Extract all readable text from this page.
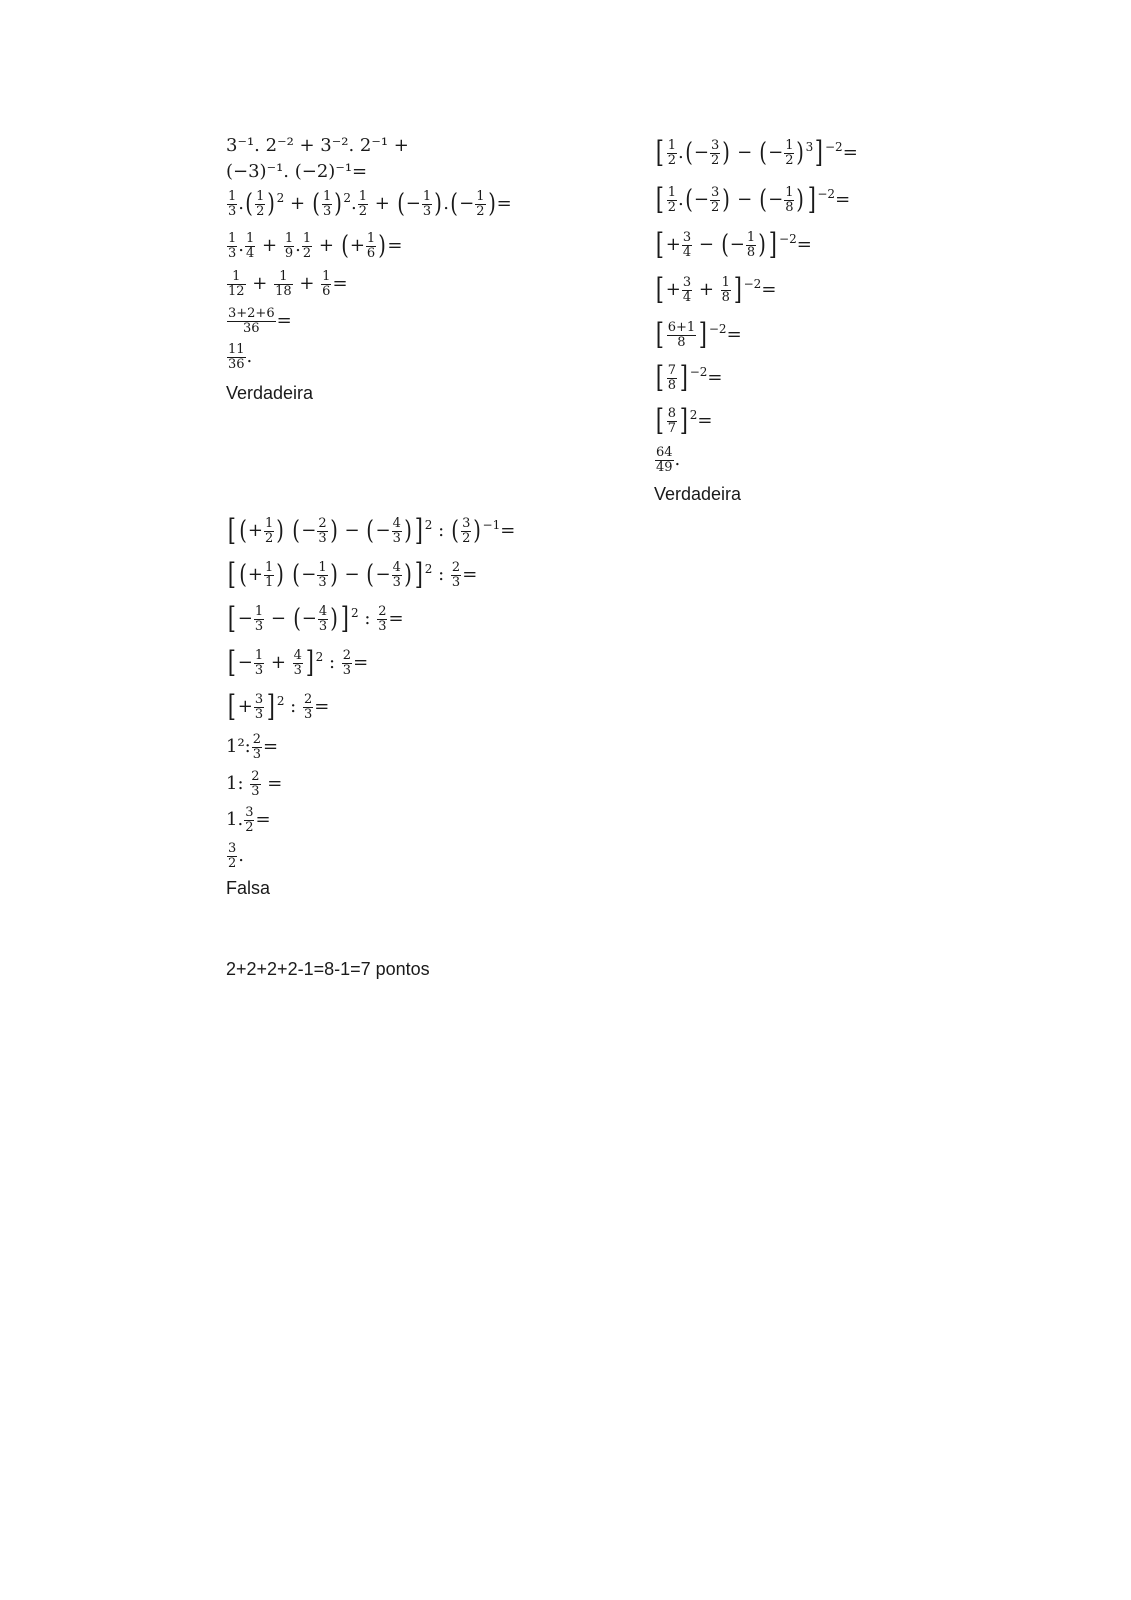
3⁻¹. 2⁻² + 3⁻². 2⁻¹ +
(−3)⁻¹. (−2)⁻¹=
$\frac{1}{3}$ .( $\frac{1}{2} )^2$ + ( $\frac{1}{3} )^2$. $\frac{1}{2}$ + (− $\frac{1}{3}$ ).(− $\frac{1}{2}$ )=
$\frac{1}{3}$ . $\frac{1}{4} + \frac{1}{9}$ . $\frac{1}{2}$ + (+ $\frac{1}{6}$ )=
$\frac{1}{12} + \frac{1}{18} + \frac{1}{6}$ =
$\frac{3+2+6}{36}$ =
$\frac{11}{36}$ .
Verdadeira
[ $\frac{1}{2}$ .(− $\frac{3}{2}$ ) − (− $\frac{1}{2} )^3$] $^{-2}$=
[ $\frac{1}{2}$ .(− $\frac{3}{2}$ ) − (− $\frac{1}{8}$ ) ] $^{-2}$=
[+ $\frac{3}{4}$ − (− $\frac{1}{8}$ ) ] $^{-2}$=
[+ $\frac{3}{4} + \frac{1}{8}$ ] $^{-2}$=
[ $\frac{6+1}{8}$ ] $^{-2}$=
[ $\frac{7}{8}$ ] $^{-2}$=
[ $\frac{8}{7}$ ] $^2$=
$\frac{64}{49}$ .
Verdadeira
[ (+ $\frac{1}{2}$ ) (− $\frac{2}{3}$ ) − (− $\frac{4}{3}$ ) ] $^2$ : ( $\frac{3}{2} )^{-1}=$
[ (+ $\frac{1}{1}$ ) (− $\frac{1}{3}$ ) − (− $\frac{4}{3}$ ) ] $^2$ : $\frac{2}{3}$ =
[− $\frac{1}{3}$ − (− $\frac{4}{3}$ ) ] $^2$ : $\frac{2}{3}$ =
[− $\frac{1}{3} + \frac{4}{3}$ ] $^2$ : $\frac{2}{3}$ =
[+ $\frac{3}{3}$ ] $^2$ : $\frac{2}{3}$ =
1²: $\frac{2}{3}$ =
1: $\frac{2}{3}$ =
1. $\frac{3}{2}$ =
$\frac{3}{2}$ .
Falsa
2+2+2+2-1=8-1=7 pontos
